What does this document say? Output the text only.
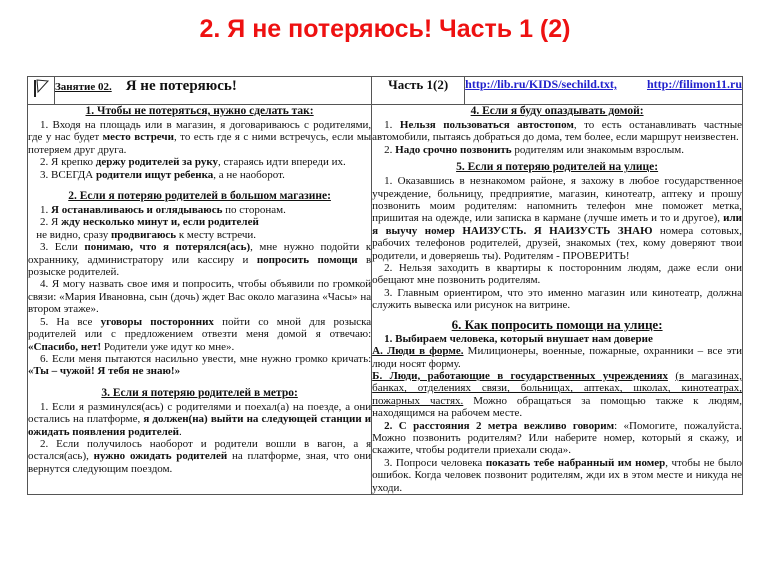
2. Я не потеряюсь! Часть 1 (2)
	Занятие 02. Я не потеряюсь!	Часть 1(2)	http://lib.ru/KIDS/sechild.txt, http://filimon11.ru

1. Чтобы не потеряться, нужно сделать так:

1. Входя на площадь или в магазин, я договариваюсь с родителями, где у нас будет место встречи, то есть где я с ними встречусь, если мы потеряем друг друга.

2. Я крепко держу родителей за руку, стараясь идти впереди их.

3. ВСЕГДА родители ищут ребенка, а не наоборот.

2. Если я потеряю родителей в большом магазине:

1. Я останавливаюсь и оглядываюсь по сторонам.

2. Я жду несколько минут и, если родителей
не видно, сразу продвигаюсь к месту встречи.

3. Если понимаю, что я потерялся(ась), мне нужно подойти к охраннику, администратору или кассиру и попросить помощи в розыске родителей.

4. Я могу назвать свое имя и попросить, чтобы объявили по громкой связи: «Мария Ивановна, сын (дочь) ждет Вас около магазина «Часы» на втором этаже».

5. На все уговоры посторонних пойти со мной для розыска родителей или с предложением отвезти меня домой я отвечаю: «Спасибо, нет! Родители уже идут ко мне».

6. Если меня пытаются насильно увести, мне нужно громко кричать: «Ты – чужой! Я тебя не знаю!»

3. Если я потеряю родителей в метро:

1. Если я разминулся(ась) с родителями и поехал(а) на поезде, а они остались на платформе, я должен(на) выйти на следующей станции и ожидать появления родителей.

2. Если получилось наоборот и родители вошли в вагон, а я остался(ась), нужно ожидать родителей на платформе, зная, что они вернутся следующим поездом.

4. Если я буду опаздывать домой:

1. Нельзя пользоваться автостопом, то есть останавливать частные автомобили, пытаясь добраться до дома, тем более, если маршрут неизвестен.

2. Надо срочно позвонить родителям или знакомым взрослым.

5. Если я потеряю родителей на улице:

1. Оказавшись в незнакомом районе, я захожу в любое государственное учреждение, больницу, предприятие, магазин, кинотеатр, аптеку и прошу позвонить моим родителям: напомнить телефон мне поможет метка, пришитая на одежде, или записка в кармане (лучше иметь и то и другое), или я выучу номер НАИЗУСТЬ. Я НАИЗУСТЬ ЗНАЮ номера сотовых, рабочих телефонов родителей, друзей, знакомых (тех, кому доверяют твои родители, и доверяешь ты). Родителям - ПРОВЕРИТЬ!

2. Нельзя заходить в квартиры к посторонним людям, даже если они обещают мне позвонить родителям.

3. Главным ориентиром, что это именно магазин или кинотеатр, должна служить вывеска или рисунок на витрине.

6. Как попросить помощи на улице:

1. Выбираем человека, который внушает нам доверие

А. Люди в форме. Милиционеры, военные, пожарные, охранники – все эти люди носят форму.

Б. Люди, работающие в государственных учреждениях (в магазинах, банках, отделениях связи, больницах, аптеках, школах, кинотеатрах, пожарных частях. Можно обращаться за помощью также к людям, находящимся на рабочем месте.

2. С расстояния 2 метра вежливо говорим: «Помогите, пожалуйста. Можно позвонить родителям? Или наберите номер, который я скажу, и скажите, чтобы родители приехали сюда».

3. Попроси человека показать тебе набранный им номер, чтобы не было ошибок. Когда человек позвонит родителям, жди их в этом месте и никуда не уходи.
